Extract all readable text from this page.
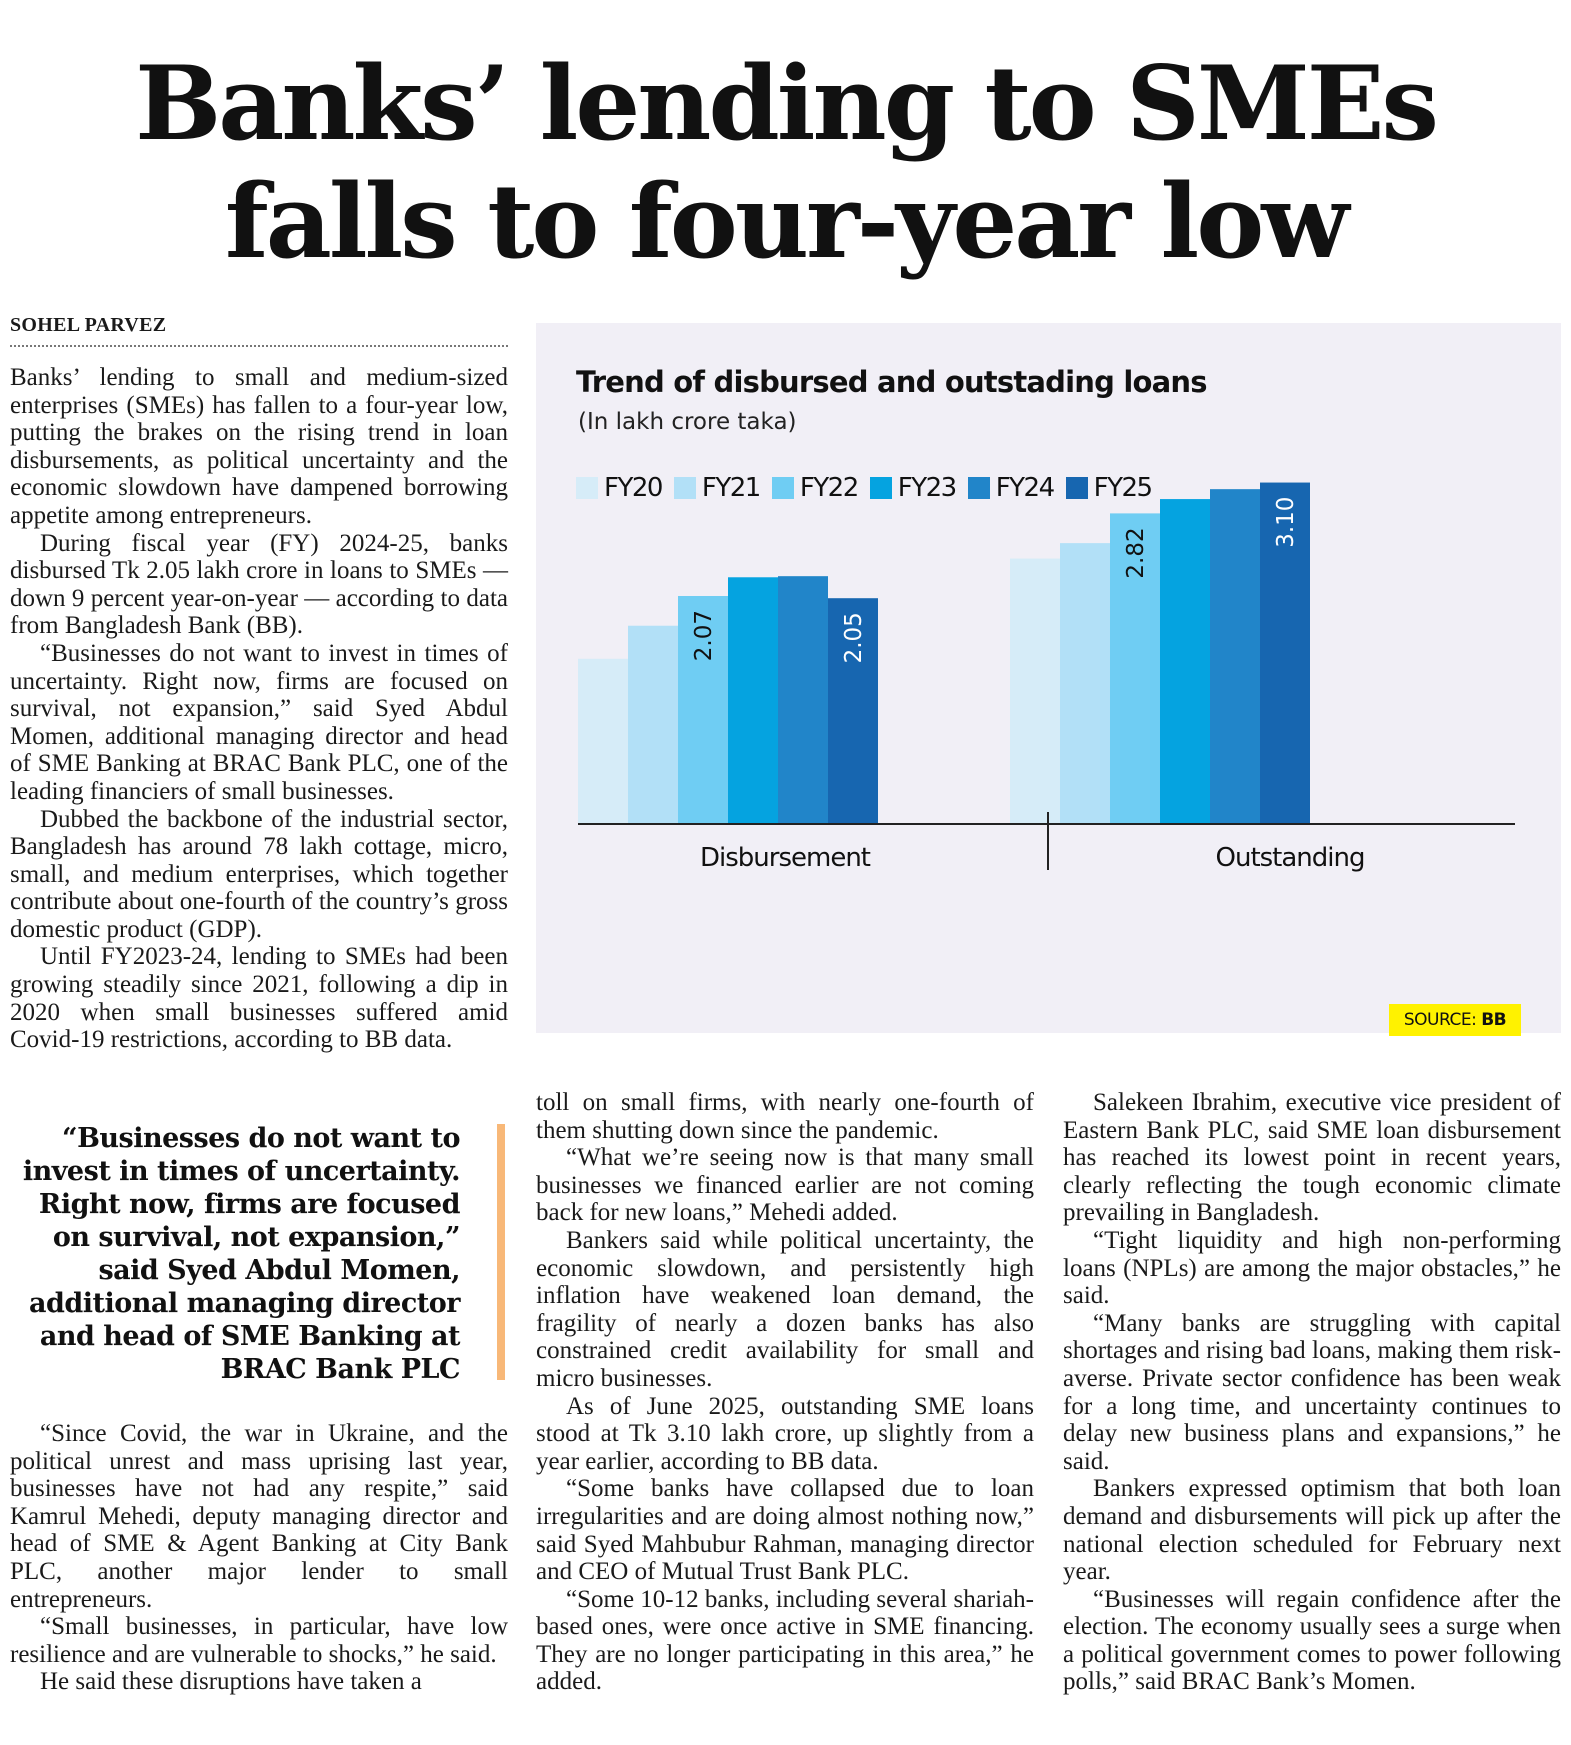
Banks’ lending to SMEs
falls to four-year low
SOHEL PARVEZ

Banks’ lending to small and medium-sized enterprises (SMEs) has fallen to a four-year low, putting the brakes on the rising trend in loan disbursements, as political uncertainty and the economic slowdown have dampened borrowing appetite among entrepreneurs.

During fiscal year (FY) 2024-25, banks disbursed Tk 2.05 lakh crore in loans to SMEs — down 9 percent year-on-year — according to data from Bangladesh Bank (BB).

“Businesses do not want to invest in times of uncertainty. Right now, firms are focused on survival, not expansion,” said Syed Abdul Momen, additional managing director and head of SME Banking at BRAC Bank PLC, one of the leading financiers of small businesses.

Dubbed the backbone of the industrial sector, Bangladesh has around 78 lakh cottage, micro, small, and medium enterprises, which together contribute about one-fourth of the country’s gross domestic product (GDP).

Until FY2023-24, lending to SMEs had been growing steadily since 2021, following a dip in 2020 when small businesses suffered amid Covid-19 restrictions, according to BB data.

“Businesses do not want to invest in times of uncertainty. Right now, firms are focused on survival, not expansion,” said Syed Abdul Momen, additional managing director and head of SME Banking at BRAC Bank PLC

“Since Covid, the war in Ukraine, and the political unrest and mass uprising last year, businesses have not had any respite,” said Kamrul Mehedi, deputy managing director and head of SME & Agent Banking at City Bank PLC, another major lender to small entrepreneurs.

“Small businesses, in particular, have low resilience and are vulnerable to shocks,” he said.

He said these disruptions have taken a

toll on small firms, with nearly one-fourth of them shutting down since the pandemic.

“What we’re seeing now is that many small businesses we financed earlier are not coming back for new loans,” Mehedi added.

Bankers said while political uncertainty, the economic slowdown, and persistently high inflation have weakened loan demand, the fragility of nearly a dozen banks has also constrained credit availability for small and micro businesses.

As of June 2025, outstanding SME loans stood at Tk 3.10 lakh crore, up slightly from a year earlier, according to BB data.

“Some banks have collapsed due to loan irregularities and are doing almost nothing now,” said Syed Mahbubur Rahman, managing director and CEO of Mutual Trust Bank PLC.

“Some 10-12 banks, including several shariah-based ones, were once active in SME financing. They are no longer participating in this area,” he added.

Salekeen Ibrahim, executive vice president of Eastern Bank PLC, said SME loan disbursement has reached its lowest point in recent years, clearly reflecting the tough economic climate prevailing in Bangladesh.

“Tight liquidity and high non-performing loans (NPLs) are among the major obstacles,” he said.

“Many banks are struggling with capital shortages and rising bad loans, making them risk-averse. Private sector confidence has been weak for a long time, and uncertainty continues to delay new business plans and expansions,” he said.

Bankers expressed optimism that both loan demand and disbursements will pick up after the national election scheduled for February next year.

“Businesses will regain confidence after the election. The economy usually sees a surge when a political government comes to power following polls,” said BRAC Bank’s Momen.

Trend of disbursed and outstading loans
(In lakh crore taka)
FY20 FY21 FY22 FY23 FY24 FY25
2.07	2.05
2.82
3.10
Disbursement	Outstanding
SOURCE: BB
